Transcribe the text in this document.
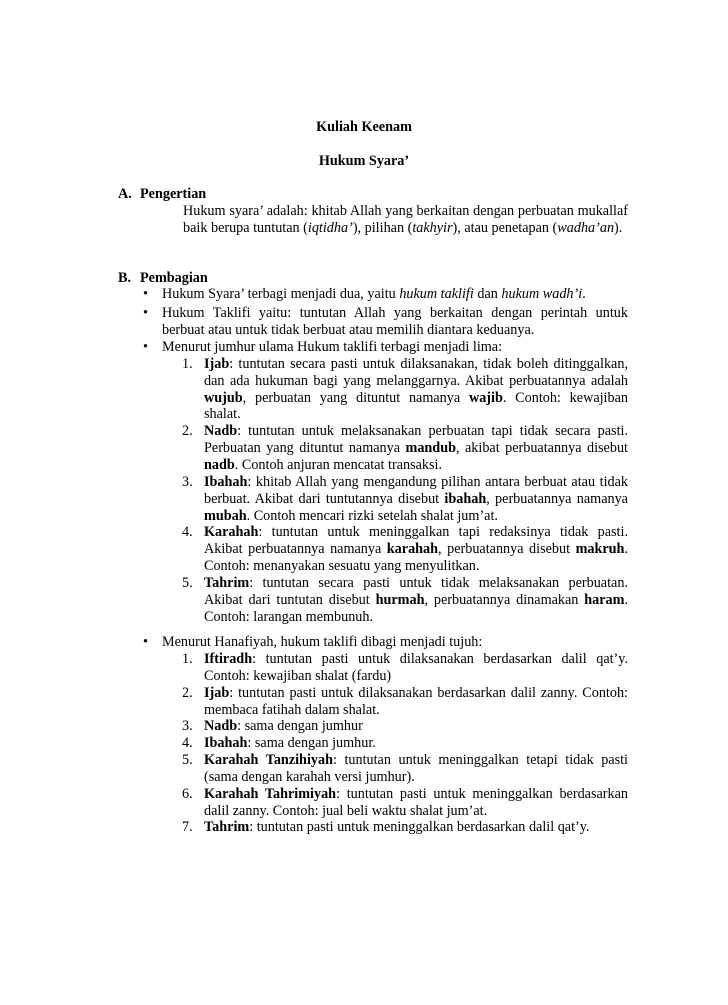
Kuliah Keenam
Hukum Syara’
A. Pengertian
Hukum syara’ adalah: khitab Allah yang berkaitan dengan perbuatan mukallaf baik berupa tuntutan (iqtidha’), pilihan (takhyir), atau penetapan (wadha’an).
B. Pembagian
• Hukum Syara’ terbagi menjadi dua, yaitu hukum taklifi dan hukum wadh’i.
• Hukum Taklifi yaitu: tuntutan Allah yang berkaitan dengan perintah untuk berbuat atau untuk tidak berbuat atau memilih diantara keduanya.
• Menurut jumhur ulama Hukum taklifi terbagi menjadi lima:
1. Ijab: tuntutan secara pasti untuk dilaksanakan, tidak boleh ditinggalkan, dan ada hukuman bagi yang melanggarnya. Akibat perbuatannya adalah wujub, perbuatan yang dituntut namanya wajib. Contoh: kewajiban shalat.
2. Nadb: tuntutan untuk melaksanakan perbuatan tapi tidak secara pasti. Perbuatan yang dituntut namanya mandub, akibat perbuatannya disebut nadb. Contoh anjuran mencatat transaksi.
3. Ibahah: khitab Allah yang mengandung pilihan antara berbuat atau tidak berbuat. Akibat dari tuntutannya disebut ibahah, perbuatannya namanya mubah. Contoh mencari rizki setelah shalat jum’at.
4. Karahah: tuntutan untuk meninggalkan tapi redaksinya tidak pasti. Akibat perbuatannya namanya karahah, perbuatannya disebut makruh. Contoh: menanyakan sesuatu yang menyulitkan.
5. Tahrim: tuntutan secara pasti untuk tidak melaksanakan perbuatan. Akibat dari tuntutan disebut hurmah, perbuatannya dinamakan haram. Contoh: larangan membunuh.
• Menurut Hanafiyah, hukum taklifi dibagi menjadi tujuh:
1. Iftiradh: tuntutan pasti untuk dilaksanakan berdasarkan dalil qat’y. Contoh: kewajiban shalat (fardu)
2. Ijab: tuntutan pasti untuk dilaksanakan berdasarkan dalil zanny. Contoh: membaca fatihah dalam shalat.
3. Nadb: sama dengan jumhur
4. Ibahah: sama dengan jumhur.
5. Karahah Tanzihiyah: tuntutan untuk meninggalkan tetapi tidak pasti (sama dengan karahah versi jumhur).
6. Karahah Tahrimiyah: tuntutan pasti untuk meninggalkan berdasarkan dalil zanny. Contoh: jual beli waktu shalat jum’at.
7. Tahrim: tuntutan pasti untuk meninggalkan berdasarkan dalil qat’y.
